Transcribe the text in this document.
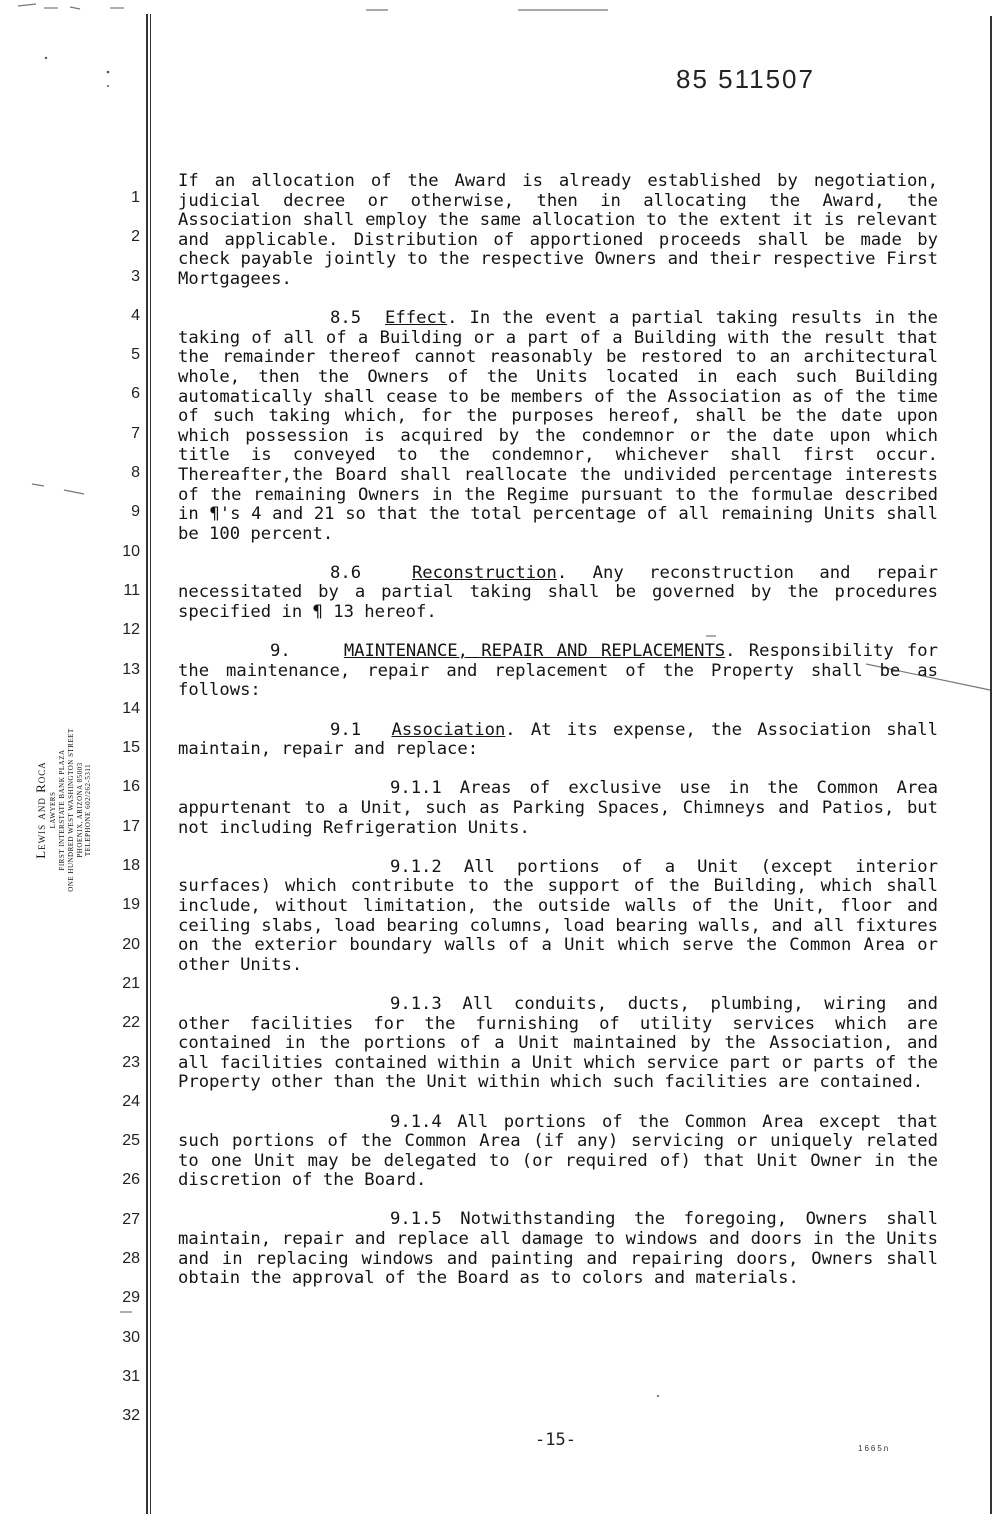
85 511507
1
2
3
4
5
6
7
8
9
10
11
12
13
14
15
16
17
18
19
20
21
22
23
24
25
26
27
28
29
30
31
32
Lewis and Roca LAWYERS FIRST INTERSTATE BANK PLAZA ONE HUNDRED WEST WASHINGTON STREET PHOENIX, ARIZONA 85003 TELEPHONE 602/262-5311

If an allocation of the Award is already established by negotiation, judicial decree or otherwise, then in allocating the Award, the Association shall employ the same allocation to the extent it is relevant and applicable. Distribution of apportioned proceeds shall be made by check payable jointly to the respective Owners and their respective First Mortgagees.

8.5 Effect. In the event a partial taking results in the taking of all of a Building or a part of a Building with the result that the remainder thereof cannot reasonably be restored to an architectural whole, then the Owners of the Units located in each such Building automatically shall cease to be members of the Association as of the time of such taking which, for the purposes hereof, shall be the date upon which possession is acquired by the condemnor or the date upon which title is conveyed to the condemnor, whichever shall first occur. Thereafter,the Board shall reallocate the undivided percentage interests of the remaining Owners in the Regime pursuant to the formulae described in ¶'s 4 and 21 so that the total percentage of all remaining Units shall be 100 percent.

8.6	Reconstruction. Any reconstruction and repair necessitated by a partial taking shall be governed by the procedures specified in ¶ 13 hereof.

9.	MAINTENANCE, REPAIR AND REPLACEMENTS. Responsibility for the maintenance, repair and replacement of the Property shall be as follows:

9.1 Association. At its expense, the Association shall maintain, repair and replace:

9.1.1 Areas of exclusive use in the Common Area appurtenant to a Unit, such as Parking Spaces, Chimneys and Patios, but not including Refrigeration Units.

9.1.2 All portions of a Unit (except interior surfaces) which contribute to the support of the Building, which shall include, without limitation, the outside walls of the Unit, floor and ceiling slabs, load bearing columns, load bearing walls, and all fixtures on the exterior boundary walls of a Unit which serve the Common Area or other Units.

9.1.3 All conduits, ducts, plumbing, wiring and other facilities for the furnishing of utility services which are contained in the portions of a Unit maintained by the Association, and all facilities contained within a Unit which service part or parts of the Property other than the Unit within which such facilities are contained.

9.1.4 All portions of the Common Area except that such portions of the Common Area (if any) servicing or uniquely related to one Unit may be delegated to (or required of) that Unit Owner in the discretion of the Board.

9.1.5 Notwithstanding the foregoing, Owners shall maintain, repair and replace all damage to windows and doors in the Units and in replacing windows and painting and repairing doors, Owners shall obtain the approval of the Board as to colors and materials.

-15-	1665n
